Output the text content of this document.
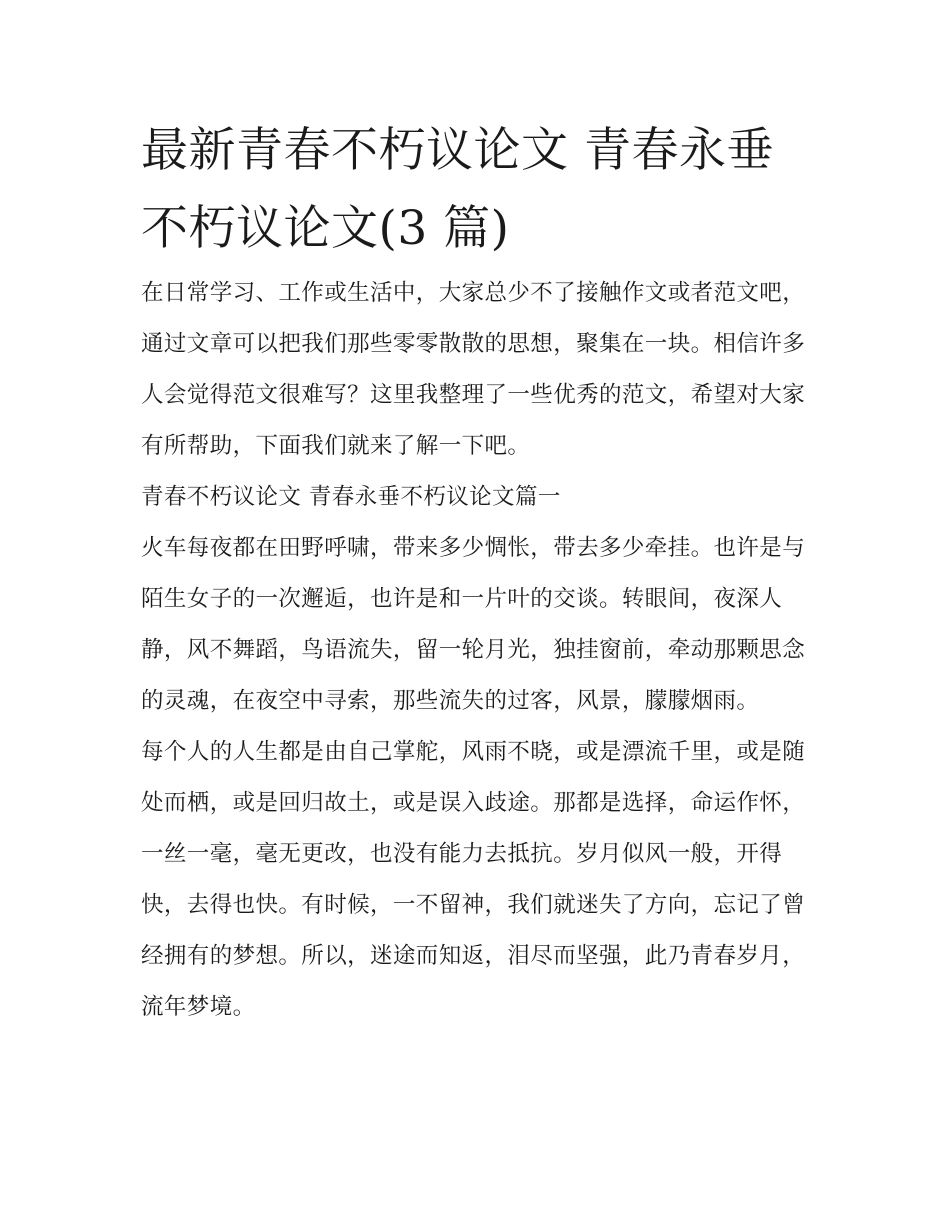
最新青春不朽议论文 青春永垂不朽议论文(3 篇)

在日常学习、工作或生活中，大家总少不了接触作文或者范文吧，通过文章可以把我们那些零零散散的思想，聚集在一块。相信许多人会觉得范文很难写？这里我整理了一些优秀的范文，希望对大家有所帮助，下面我们就来了解一下吧。

青春不朽议论文 青春永垂不朽议论文篇一

火车每夜都在田野呼啸，带来多少惆怅，带去多少牵挂。也许是与陌生女子的一次邂逅，也许是和一片叶的交谈。转眼间，夜深人静，风不舞蹈，鸟语流失，留一轮月光，独挂窗前，牵动那颗思念的灵魂，在夜空中寻索，那些流失的过客，风景，朦朦烟雨。

每个人的人生都是由自己掌舵，风雨不晓，或是漂流千里，或是随处而栖，或是回归故土，或是误入歧途。那都是选择，命运作怀，一丝一毫，毫无更改，也没有能力去抵抗。岁月似风一般，开得快，去得也快。有时候，一不留神，我们就迷失了方向，忘记了曾经拥有的梦想。所以，迷途而知返，泪尽而坚强，此乃青春岁月，流年梦境。
